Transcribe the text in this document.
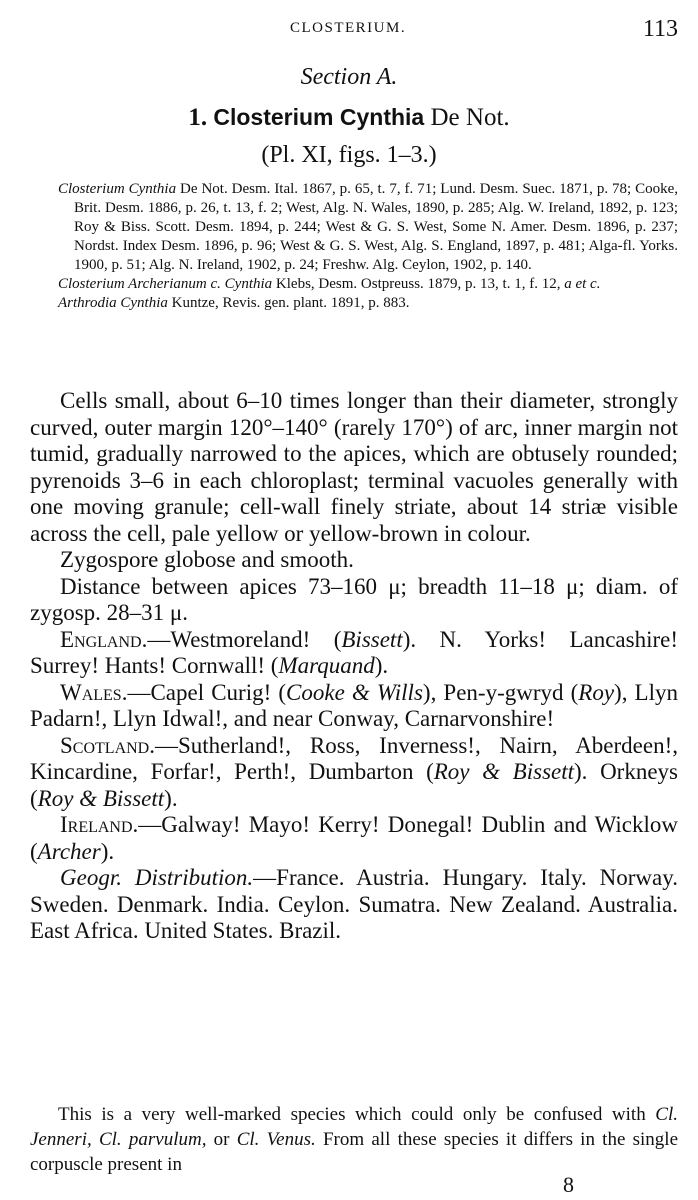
CLOSTERIUM.	113
Section A.
1. Closterium Cynthia De Not.
(Pl. XI, figs. 1–3.)

Closterium Cynthia De Not. Desm. Ital. 1867, p. 65, t. 7, f. 71; Lund. Desm. Suec. 1871, p. 78; Cooke, Brit. Desm. 1886, p. 26, t. 13, f. 2; West, Alg. N. Wales, 1890, p. 285; Alg. W. Ireland, 1892, p. 123; Roy & Biss. Scott. Desm. 1894, p. 244; West & G. S. West, Some N. Amer. Desm. 1896, p. 237; Nordst. Index Desm. 1896, p. 96; West & G. S. West, Alg. S. England, 1897, p. 481; Alga-fl. Yorks. 1900, p. 51; Alg. N. Ireland, 1902, p. 24; Freshw. Alg. Ceylon, 1902, p. 140.

Closterium Archerianum c. Cynthia Klebs, Desm. Ostpreuss. 1879, p. 13, t. 1, f. 12, a et c.

Arthrodia Cynthia Kuntze, Revis. gen. plant. 1891, p. 883.

Cells small, about 6–10 times longer than their diameter, strongly curved, outer margin 120°–140° (rarely 170°) of arc, inner margin not tumid, gradually narrowed to the apices, which are obtusely rounded; pyrenoids 3–6 in each chloroplast; terminal vacuoles generally with one moving granule; cell-wall finely striate, about 14 striæ visible across the cell, pale yellow or yellow-brown in colour.

Zygospore globose and smooth.

Distance between apices 73–160 μ; breadth 11–18 μ; diam. of zygosp. 28–31 μ.

England.—Westmoreland! (Bissett). N. Yorks! Lancashire! Surrey! Hants! Cornwall! (Marquand).

Wales.—Capel Curig! (Cooke & Wills), Pen-y-gwryd (Roy), Llyn Padarn!, Llyn Idwal!, and near Conway, Carnarvonshire!

Scotland.—Sutherland!, Ross, Inverness!, Nairn, Aberdeen!, Kincardine, Forfar!, Perth!, Dumbarton (Roy & Bissett). Orkneys (Roy & Bissett).

Ireland.—Galway! Mayo! Kerry! Donegal! Dublin and Wicklow (Archer).

Geogr. Distribution.—France. Austria. Hungary. Italy. Norway. Sweden. Denmark. India. Ceylon. Sumatra. New Zealand. Australia. East Africa. United States. Brazil.

This is a very well-marked species which could only be confused with Cl. Jenneri, Cl. parvulum, or Cl. Venus. From all these species it differs in the single corpuscle present in

8
